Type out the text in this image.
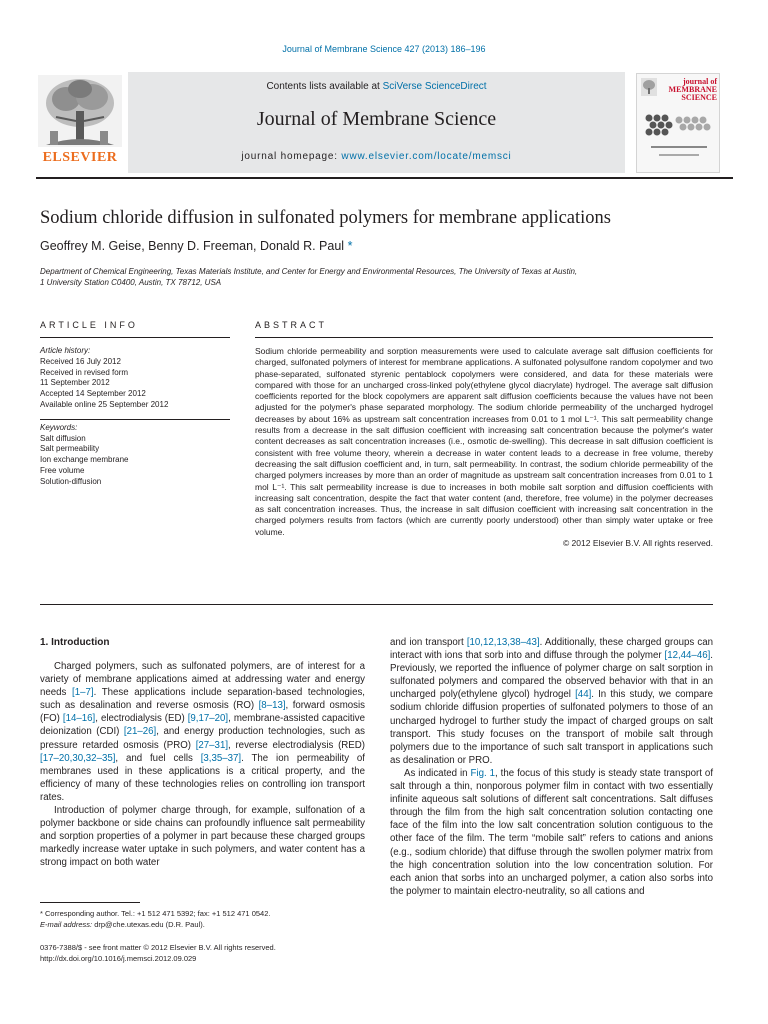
Journal of Membrane Science 427 (2013) 186–196
Contents lists available at SciVerse ScienceDirect
Journal of Membrane Science
journal homepage: www.elsevier.com/locate/memsci
ELSEVIER
journal of
MEMBRANE
SCIENCE
Sodium chloride diffusion in sulfonated polymers for membrane applications
Geoffrey M. Geise, Benny D. Freeman, Donald R. Paul *
Department of Chemical Engineering, Texas Materials Institute, and Center for Energy and Environmental Resources, The University of Texas at Austin,
1 University Station C0400, Austin, TX 78712, USA
ARTICLE INFO	ABSTRACT
Article history:
Received 16 July 2012
Received in revised form
11 September 2012
Accepted 14 September 2012
Available online 25 September 2012
Keywords:
Salt diffusion
Salt permeability
Ion exchange membrane
Free volume
Solution-diffusion
Sodium chloride permeability and sorption measurements were used to calculate average salt diffusion coefficients for charged, sulfonated polymers of interest for membrane applications. A sulfonated polysulfone random copolymer and two phase-separated, sulfonated styrenic pentablock copolymers were considered, and data for these materials were compared with those for an uncharged cross-linked poly(ethylene glycol diacrylate) hydrogel. The average salt diffusion coefficients reported for the block copolymers are apparent salt diffusion coefficients because the values have not been adjusted for the polymer's phase separated morphology. The sodium chloride permeability of the uncharged hydrogel decreases by about 16% as upstream salt concentration increases from 0.01 to 1 mol L⁻¹. This salt permeability change results from a decrease in the salt diffusion coefficient with increasing salt concentration because the polymer's water content decreases as salt concentration increases (i.e., osmotic de-swelling). This decrease in salt diffusion coefficient is consistent with free volume theory, wherein a decrease in water content leads to a decrease in free volume, thereby decreasing the salt diffusion coefficient and, in turn, salt permeability. In contrast, the sodium chloride permeability of the charged polymers increases by more than an order of magnitude as upstream salt concentration increases from 0.01 to 1 mol L⁻¹. This salt permeability increase is due to increases in both mobile salt sorption and diffusion coefficients with increasing salt concentration, despite the fact that water content (and, therefore, free volume) in the polymer decreases as salt concentration increases. Thus, the increase in salt diffusion coefficient with increasing salt concentration in the charged polymers results from factors (which are currently poorly understood) other than simply water uptake or free volume.
© 2012 Elsevier B.V. All rights reserved.
1. Introduction

Charged polymers, such as sulfonated polymers, are of interest for a variety of membrane applications aimed at addressing water and energy needs [1–7]. These applications include separation-based technologies, such as desalination and reverse osmosis (RO) [8–13], forward osmosis (FO) [14–16], electrodialysis (ED) [9,17–20], membrane-assisted capacitive deionization (CDI) [21–26], and energy production technologies, such as pressure retarded osmosis (PRO) [27–31], reverse electrodialysis (RED) [17–20,30,32–35], and fuel cells [3,35–37]. The ion permeability of membranes used in these applications is a critical property, and the efficiency of many of these technologies relies on controlling ion transport rates.

Introduction of polymer charge through, for example, sulfonation of a polymer backbone or side chains can profoundly influence salt permeability and sorption properties of a polymer in part because these charged groups markedly increase water uptake in such polymers, and water content has a strong impact on both water

and ion transport [10,12,13,38–43]. Additionally, these charged groups can interact with ions that sorb into and diffuse through the polymer [12,44–46]. Previously, we reported the influence of polymer charge on salt sorption in sulfonated polymers and compared the observed behavior with that in an uncharged poly(ethylene glycol) hydrogel [44]. In this study, we compare sodium chloride diffusion properties of sulfonated polymers to those of an uncharged hydrogel to further study the impact of charged groups on salt transport. This study focuses on the transport of mobile salt through polymers due to the importance of such salt transport in applications such as desalination or PRO.

As indicated in Fig. 1, the focus of this study is steady state transport of salt through a thin, nonporous polymer film in contact with two essentially infinite aqueous salt solutions of different salt concentrations. Salt diffuses through the film from the high salt concentration solution contacting one face of the film into the low salt concentration solution contiguous to the other face of the film. The term “mobile salt” refers to cations and anions (e.g., sodium chloride) that diffuse through the swollen polymer matrix from the high concentration solution into the low concentration solution. For each anion that sorbs into an uncharged polymer, a cation also sorbs into the polymer to maintain electro-neutrality, so all cations and

* Corresponding author. Tel.: +1 512 471 5392; fax: +1 512 471 0542.
E-mail address: drp@che.utexas.edu (D.R. Paul).
0376-7388/$ - see front matter © 2012 Elsevier B.V. All rights reserved.
http://dx.doi.org/10.1016/j.memsci.2012.09.029
